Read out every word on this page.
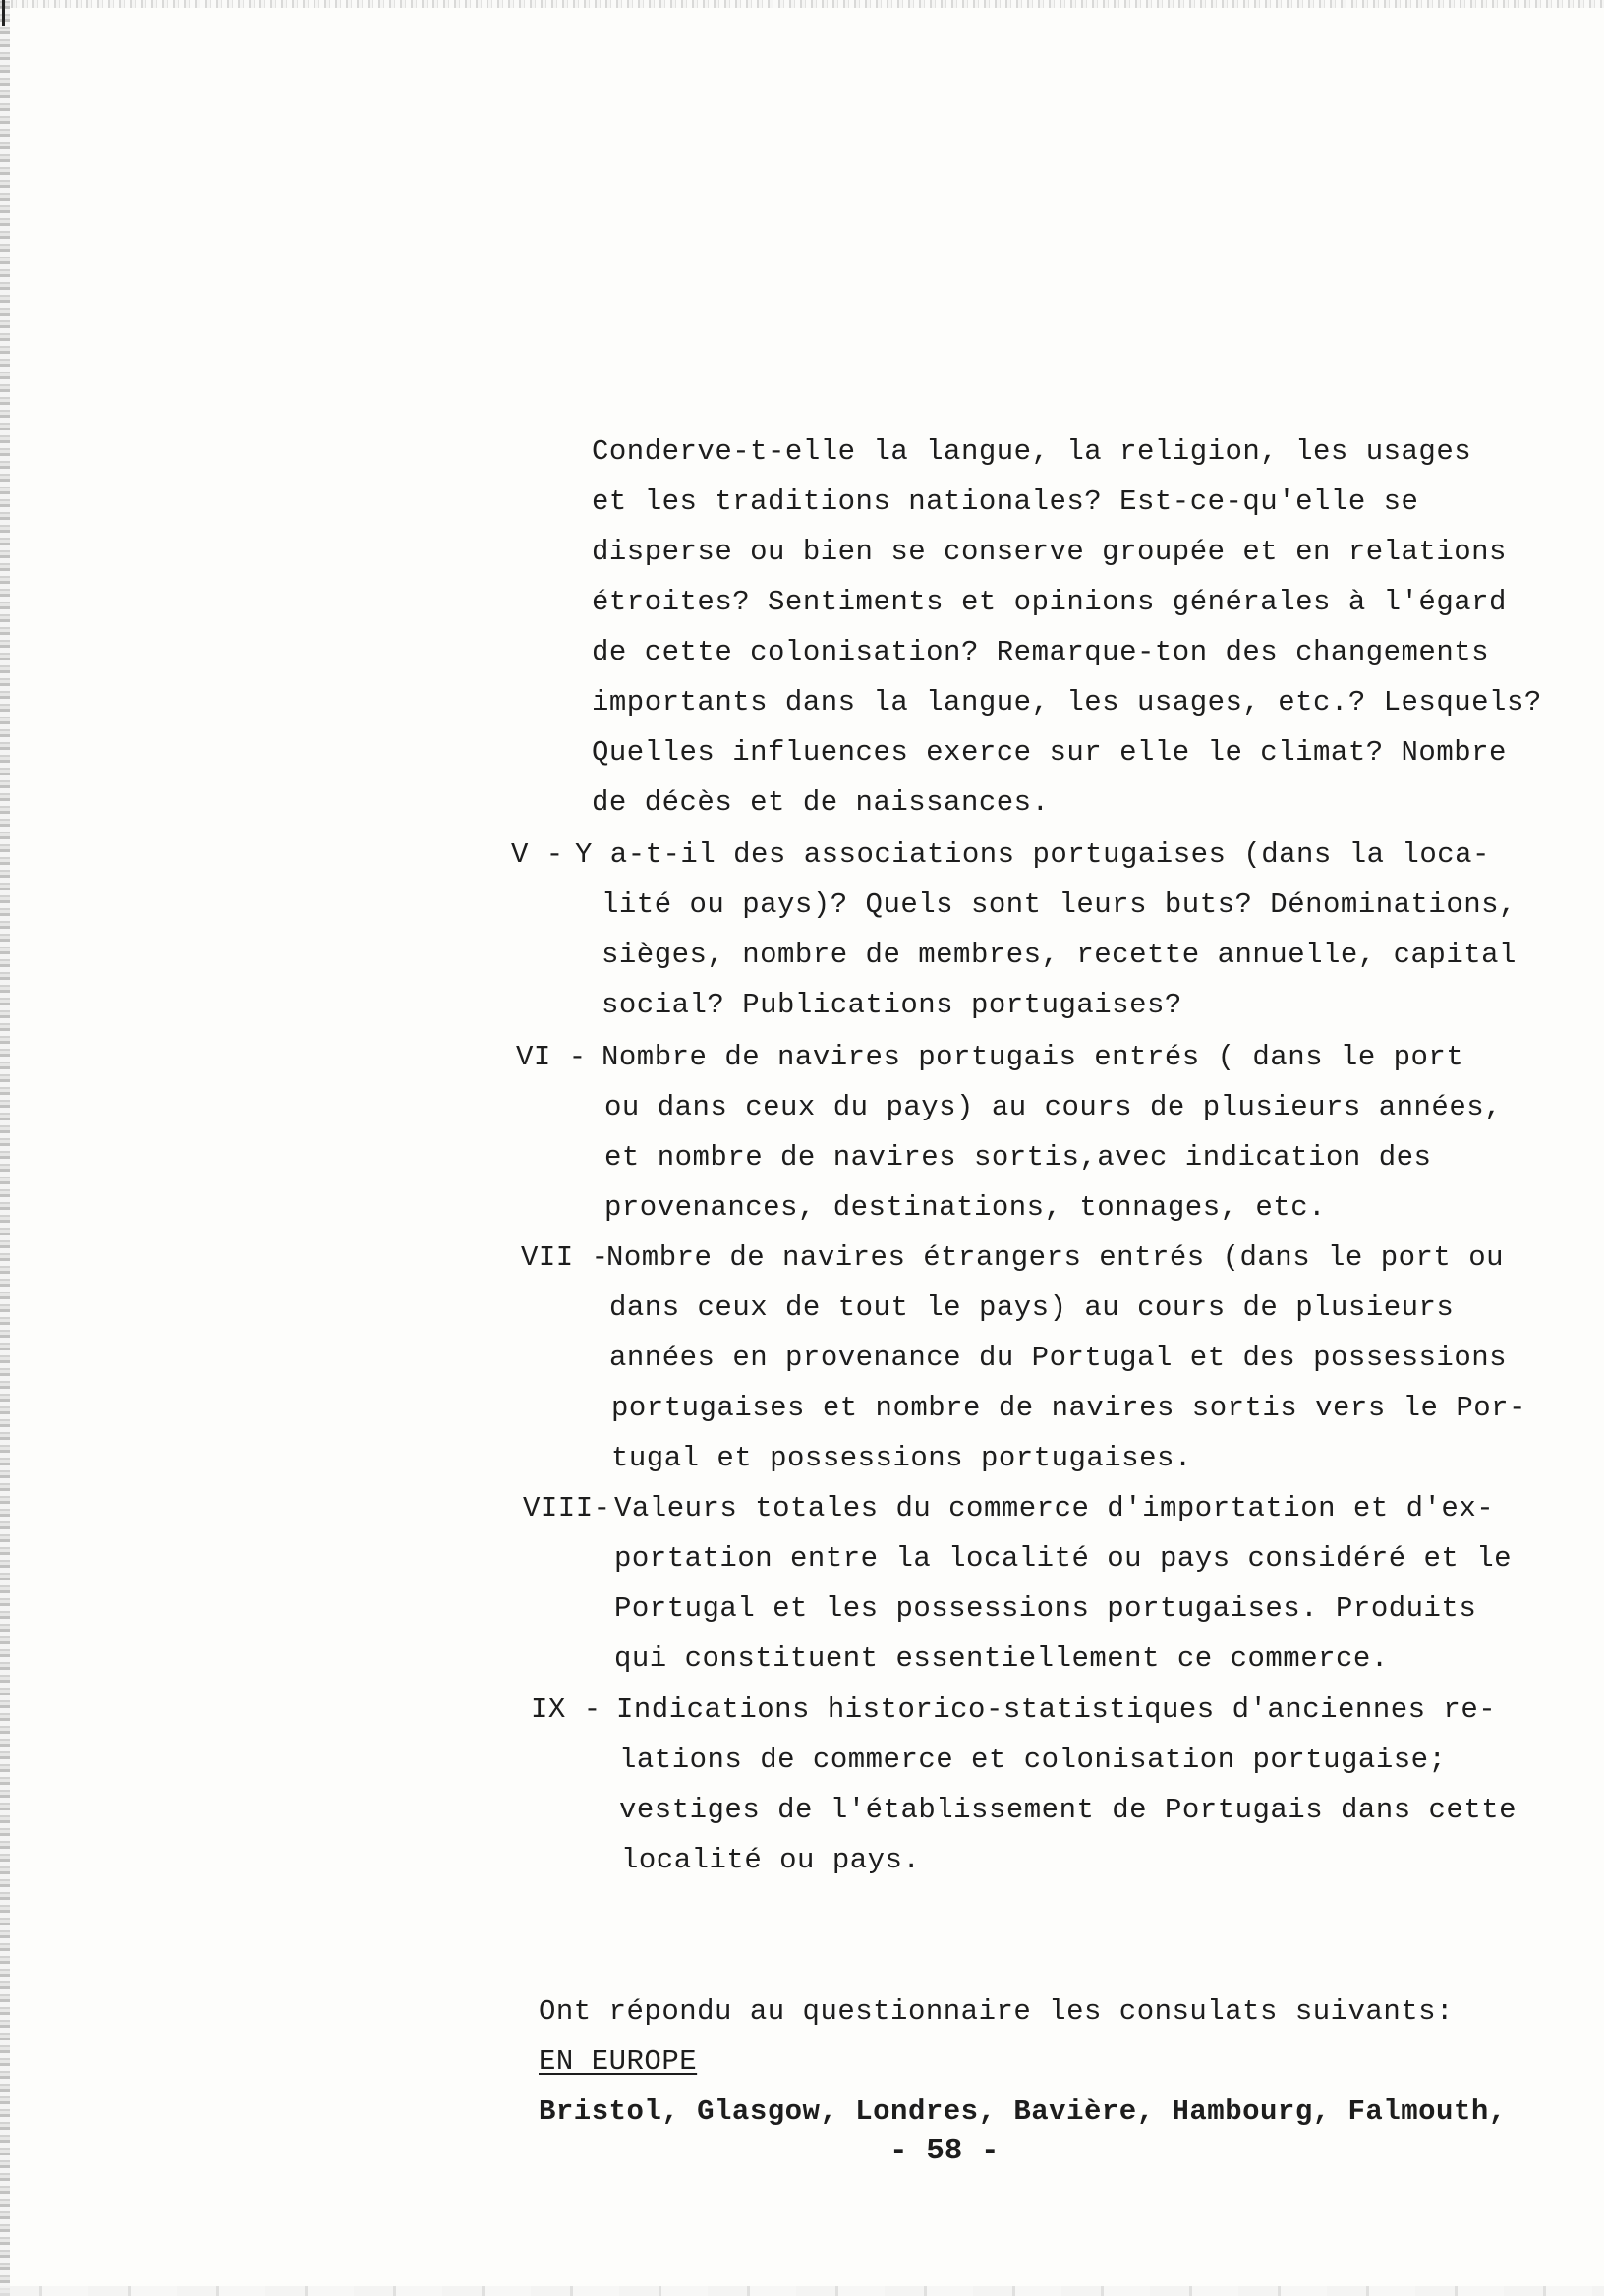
Conderve-t-elle la langue, la religion, les usages
et les traditions nationales? Est-ce-qu'elle se
disperse ou bien se conserve groupée et en relations
étroites? Sentiments et opinions générales à l'égard
de cette colonisation? Remarque-ton des changements
importants dans la langue, les usages, etc.? Lesquels?
Quelles influences exerce sur elle le climat? Nombre
de décès et de naissances.
V - Y a-t-il des associations portugaises (dans la loca-
lité ou pays)? Quels sont leurs buts? Dénominations,
sièges, nombre de membres, recette annuelle, capital
social? Publications portugaises?
VI - Nombre de navires portugais entrés ( dans le port
ou dans ceux du pays) au cours de plusieurs années,
et nombre de navires sortis,avec indication des
provenances, destinations, tonnages, etc.
VII -
Nombre de navires étrangers entrés (dans le port ou
dans ceux de tout le pays) au cours de plusieurs
années en provenance du Portugal et des possessions
portugaises et nombre de navires sortis vers le Por-
tugal et possessions portugaises.
VIII- Valeurs totales du commerce d'importation et d'ex-
portation entre la localité ou pays considéré et le
Portugal et les possessions portugaises. Produits
qui constituent essentiellement ce commerce.
IX - Indications historico-statistiques d'anciennes re-
lations de commerce et colonisation portugaise;
vestiges de l'établissement de Portugais dans cette
localité ou pays.
Ont répondu au questionnaire les consulats suivants:
EN EUROPE
Bristol, Glasgow, Londres, Bavière, Hambourg, Falmouth,
- 58 -
